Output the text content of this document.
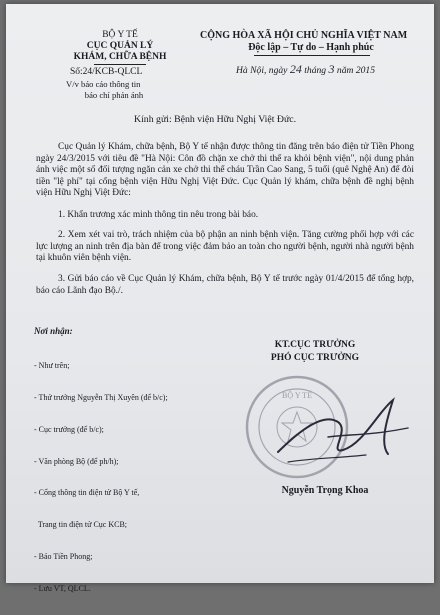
BỘ Y TẾ
CỤC QUẢN LÝ
KHÁM, CHỮA BỆNH
Số:24/KCB-QLCL
V/v báo cáo thông tin
báo chí phản ánh
CỘNG HÒA XÃ HỘI CHỦ NGHĨA VIỆT NAM
Độc lập – Tự do – Hạnh phúc
Hà Nội, ngày 24 tháng 3 năm 2015
Kính gửi: Bệnh viện Hữu Nghị Việt Đức.
Cục Quản lý Khám, chữa bệnh, Bộ Y tế nhận được thông tin đăng trên báo điện tử Tiền Phong ngày 24/3/2015 với tiêu đề "Hà Nội: Côn đồ chặn xe chở thi thể ra khỏi bệnh viện", nội dung phản ánh việc một số đối tượng ngăn cản xe chở thi thể cháu Trần Cao Sang, 5 tuổi (quê Nghệ An) để đòi tiền "lệ phí" tại cổng bệnh viện Hữu Nghị Việt Đức. Cục Quản lý khám, chữa bệnh đề nghị bệnh viện Hữu Nghị Việt Đức:
1. Khẩn trương xác minh thông tin nêu trong bài báo.
2. Xem xét vai trò, trách nhiệm của bộ phận an ninh bệnh viện. Tăng cường phối hợp với các lực lượng an ninh trên địa bàn để trong việc đảm bảo an toàn cho người bệnh, người nhà người bệnh tại khuôn viên bệnh viện.
3. Gửi báo cáo về Cục Quản lý Khám, chữa bệnh, Bộ Y tế trước ngày 01/4/2015 để tổng hợp, báo cáo Lãnh đạo Bộ./.
Nơi nhận:

- Như trên;

- Thứ trưởng Nguyễn Thị Xuyên (để b/c);

- Cục trưởng (để b/c);

- Văn phòng Bộ (để ph/h);

- Cổng thông tin điện tử Bộ Y tế,

Trang tin điện tử Cục KCB;

- Báo Tiền Phong;

- Lưu VT, QLCL.

KT.CỤC TRƯỞNG
PHÓ CỤC TRƯỞNG
BỘ Y TẾ
Nguyễn Trọng Khoa
